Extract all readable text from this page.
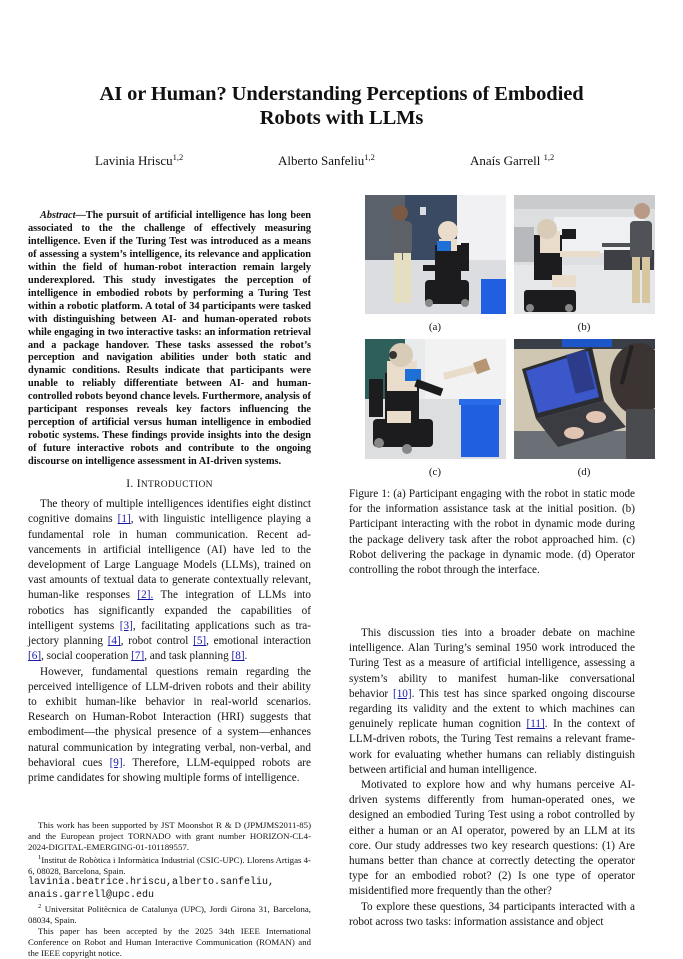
AI or Human? Understanding Perceptions of Embodied
Robots with LLMs
Lavinia Hriscu$^{1,2}$	Alberto Sanfeliu$^{1,2}$	Anaís Garrell $^{1,2}$

Abstract—The pursuit of artificial intelligence has long been associated to the the challenge of effectively measuring intelligence. Even if the Turing Test was introduced as a means of assessing a system’s intelligence, its relevance and application within the field of human-robot interaction remain largely underexplored. This study investigates the perception of intelligence in embodied robots by performing a Turing Test within a robotic platform. A total of 34 participants were tasked with distinguishing between AI- and human-operated robots while engaging in two interactive tasks: an information retrieval and a package handover. These tasks assessed the robot’s perception and navigation abilities under both static and dynamic conditions. Results indicate that participants were unable to reliably differentiate between AI- and human-controlled robots beyond chance levels. Furthermore, analysis of participant responses reveals key factors influencing the perception of artificial versus human intelligence in embodied robotic systems. These findings provide insights into the design of future interactive robots and contribute to the ongoing discourse on intelligence assessment in AI-driven systems.

I. INTRODUCTION

The theory of multiple intelligences identifies eight distinct cognitive domains [1], with linguistic intelligence playing a fundamental role in human communication. Recent advancements in artificial intelligence (AI) have led to the development of Large Language Models (LLMs), trained on vast amounts of textual data to generate contextually relevant, human-like responses [2]. The integration of LLMs into robotics has significantly expanded the capabilities of intelligent systems [3], facilitating applications such as trajectory planning [4], robot control [5], emotional interaction [6], social cooperation [7], and task planning [8].

However, fundamental questions remain regarding the perceived intelligence of LLM-driven robots and their ability to exhibit human-like behavior in real-world scenarios. Research on Human-Robot Interaction (HRI) suggests that embodiment—the physical presence of a system—enhances natural communication by integrating verbal, non-verbal, and behavioral cues [9]. Therefore, LLM-equipped robots are prime candidates for showing multiple forms of intelligence.

This work has been supported by JST Moonshot R & D (JPMJMS2011-85) and the European project TORNADO with grant number HORIZON-CL4-2024-DIGITAL-EMERGING-01-101189557.

$^1$Institut de Robòtica i Informàtica Industrial (CSIC-UPC). Llorens Artigas 4-6, 08028, Barcelona, Spain.
lavinia.beatrice.hriscu,alberto.sanfeliu, anais.garrell@upc.edu

$^2$ Universitat Politècnica de Catalunya (UPC), Jordi Girona 31, Barcelona, 08034, Spain.

This paper has been accepted by the 2025 34th IEEE International Conference on Robot and Human Interactive Communication (ROMAN) and the IEEE copyright notice.

(a)	(b)
(c)	(d)
Figure 1: (a) Participant engaging with the robot in static mode for the information assistance task at the initial position. (b) Participant interacting with the robot in dynamic mode during the package delivery task after the robot approached him. (c) Robot delivering the package in dynamic mode. (d) Operator controlling the robot through the interface.

This discussion ties into a broader debate on machine intelligence. Alan Turing’s seminal 1950 work introduced the Turing Test as a measure of artificial intelligence, assessing a system’s ability to manifest human-like conversational behavior [10]. This test has since sparked ongoing discourse regarding its validity and the extent to which machines can genuinely replicate human cognition [11]. In the context of LLM-driven robots, the Turing Test remains a relevant framework for evaluating whether humans can reliably distinguish between artificial and human intelligence.

Motivated to explore how and why humans perceive AI-driven systems differently from human-operated ones, we designed an embodied Turing Test using a robot controlled by either a human or an AI operator, powered by an LLM at its core. Our study addresses two key research questions: (1) Are humans better than chance at correctly detecting the operator type for an embodied robot? (2) Is one type of operator misidentified more frequently than the other?

To explore these questions, 34 participants interacted with a robot across two tasks: information assistance and object
